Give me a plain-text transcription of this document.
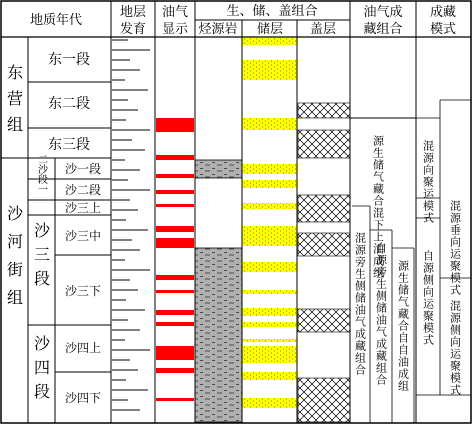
地质年代
地层
发育
油气
显示
生、储、盖组合
烃源岩 储层 盖层
油气成
藏组合
成藏
模式
东营组
沙河街组 沙三段
沙四段
东一段
东二段
东三段
二沙段一 沙一段
沙二段
沙三上
沙三中
沙三下
沙四上
沙四下
源生储气藏合混下上油成组
混源旁生侧储油气成藏组合 自源旁生侧储油气成藏组合 源生储气藏合自自油成组
混源向聚运模式
混源垂向运聚模式
自源侧向运聚模式
混源侧向运聚模式
